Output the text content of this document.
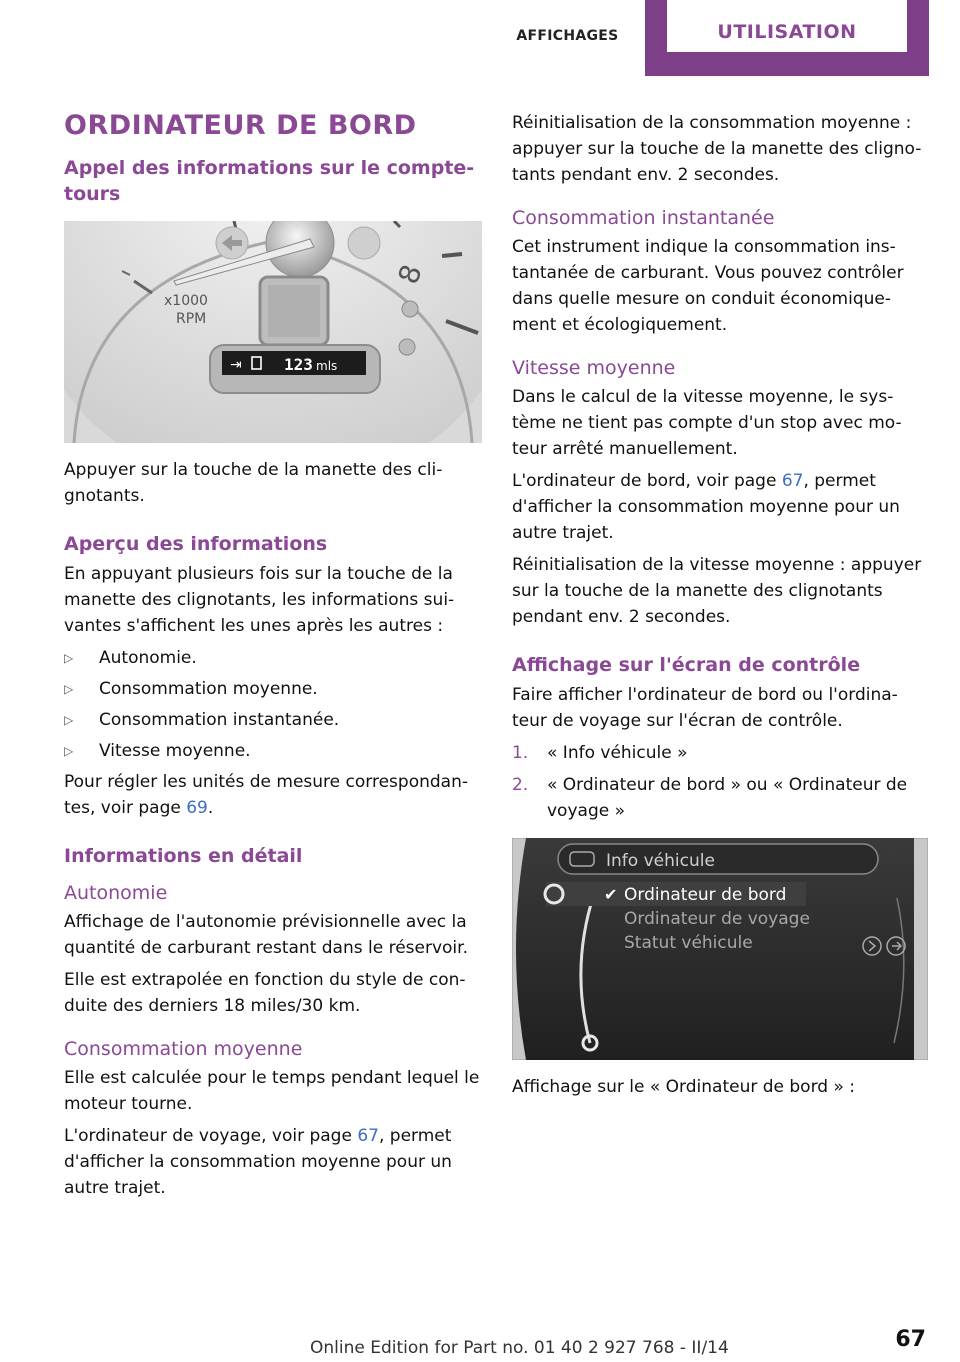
AFFICHAGES	UTILISATION
ORDINATEUR DE BORD
Appel des informations sur le compte-tours
x1000
RPM
8
⇥	123 mls
Appuyer sur la touche de la manette des cli-gnotants.
Aperçu des informations
En appuyant plusieurs fois sur la touche de la manette des clignotants, les informations sui-vantes s'affichent les unes après les autres :
▷ Autonomie.
▷ Consommation moyenne.
▷ Consommation instantanée.
▷ Vitesse moyenne.
Pour régler les unités de mesure correspondan-tes, voir page 69.
Informations en détail
Autonomie
Affichage de l'autonomie prévisionnelle avec la quantité de carburant restant dans le réservoir.
Elle est extrapolée en fonction du style de con-duite des derniers 18 miles/30 km.
Consommation moyenne
Elle est calculée pour le temps pendant lequel le moteur tourne.
L'ordinateur de voyage, voir page 67, permet d'afficher la consommation moyenne pour un autre trajet.
Réinitialisation de la consommation moyenne : appuyer sur la touche de la manette des cligno-tants pendant env. 2 secondes.
Consommation instantanée
Cet instrument indique la consommation ins-tantanée de carburant. Vous pouvez contrôler dans quelle mesure on conduit économique-ment et écologiquement.
Vitesse moyenne
Dans le calcul de la vitesse moyenne, le sys-tème ne tient pas compte d'un stop avec mo-teur arrêté manuellement.
L'ordinateur de bord, voir page 67, permet d'afficher la consommation moyenne pour un autre trajet.
Réinitialisation de la vitesse moyenne : appuyer sur la touche de la manette des clignotants pendant env. 2 secondes.
Affichage sur l'écran de contrôle
Faire afficher l'ordinateur de bord ou l'ordina-teur de voyage sur l'écran de contrôle.
1. « Info véhicule »
2. « Ordinateur de bord » ou « Ordinateur de voyage »
Info véhicule
✔ Ordinateur de bord
Ordinateur de voyage
Statut véhicule
Affichage sur le « Ordinateur de bord » :
Online Edition for Part no. 01 40 2 927 768 - II/14	67
